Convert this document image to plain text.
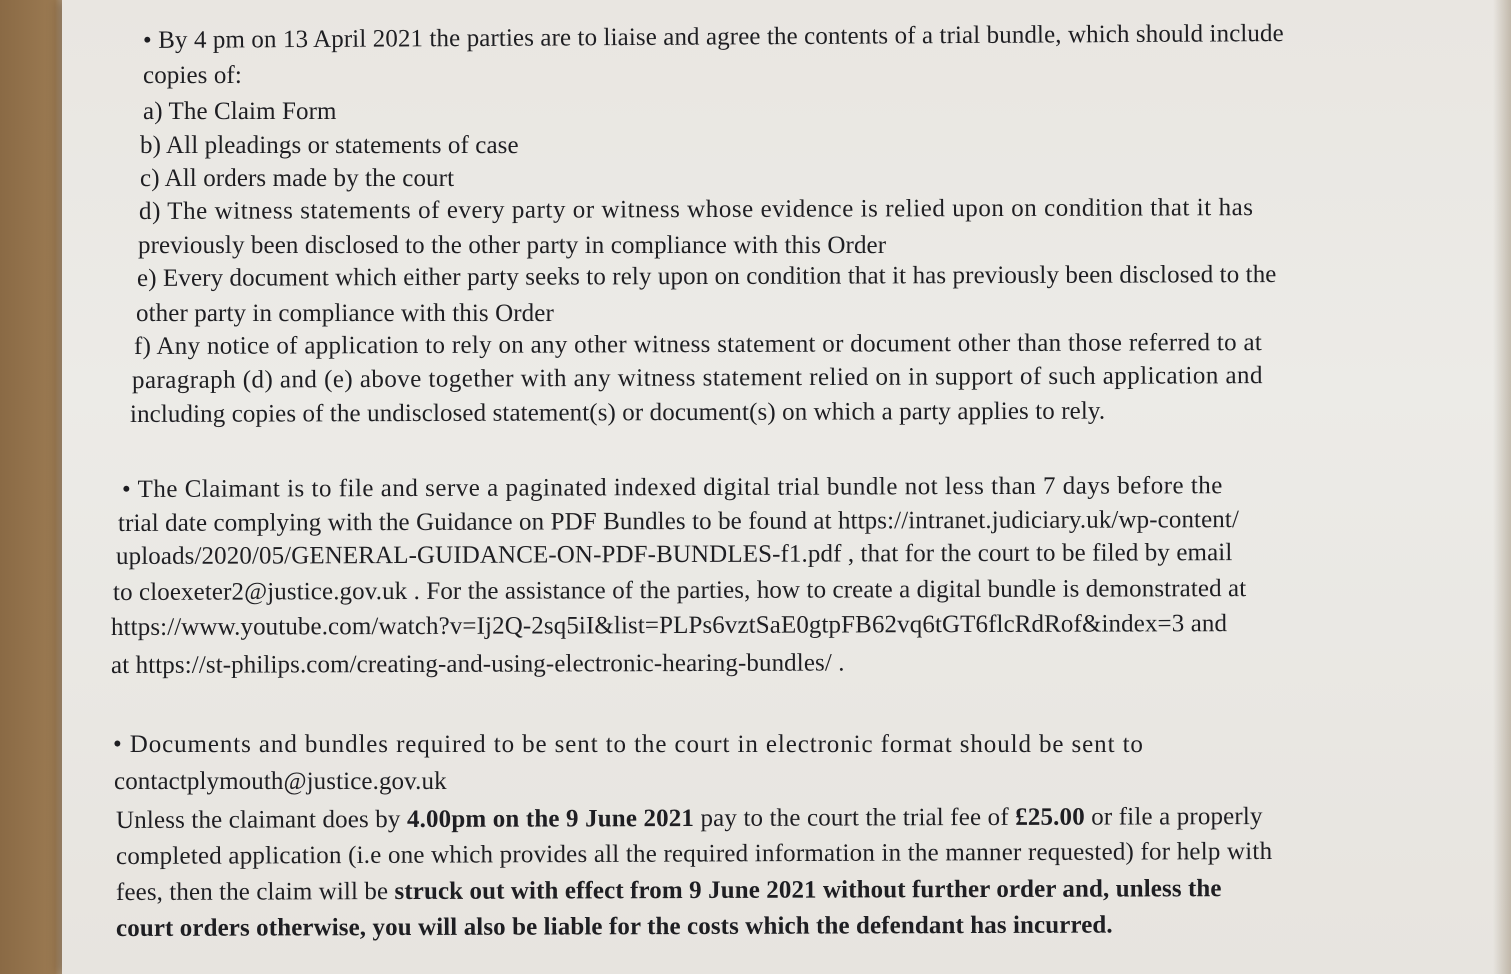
• By 4 pm on 13 April 2021 the parties are to liaise and agree the contents of a trial bundle, which should include
copies of:
a) The Claim Form
b) All pleadings or statements of case
c) All orders made by the court
d) The witness statements of every party or witness whose evidence is relied upon on condition that it has
previously been disclosed to the other party in compliance with this Order
e) Every document which either party seeks to rely upon on condition that it has previously been disclosed to the
other party in compliance with this Order
f) Any notice of application to rely on any other witness statement or document other than those referred to at
paragraph (d) and (e) above together with any witness statement relied on in support of such application and
including copies of the undisclosed statement(s) or document(s) on which a party applies to rely.
• The Claimant is to file and serve a paginated indexed digital trial bundle not less than 7 days before the
trial date complying with the Guidance on PDF Bundles to be found at https://intranet.judiciary.uk/wp-content/
uploads/2020/05/GENERAL-GUIDANCE-ON-PDF-BUNDLES-f1.pdf , that for the court to be filed by email
to cloexeter2@justice.gov.uk . For the assistance of the parties, how to create a digital bundle is demonstrated at
https://www.youtube.com/watch?v=Ij2Q-2sq5iI&list=PLPs6vztSaE0gtpFB62vq6tGT6flcRdRof&index=3 and
at https://st-philips.com/creating-and-using-electronic-hearing-bundles/ .
• Documents and bundles required to be sent to the court in electronic format should be sent to
contactplymouth@justice.gov.uk
Unless the claimant does by 4.00pm on the 9 June 2021 pay to the court the trial fee of £25.00 or file a properly
completed application (i.e one which provides all the required information in the manner requested) for help with
fees, then the claim will be struck out with effect from 9 June 2021 without further order and, unless the
court orders otherwise, you will also be liable for the costs which the defendant has incurred.
